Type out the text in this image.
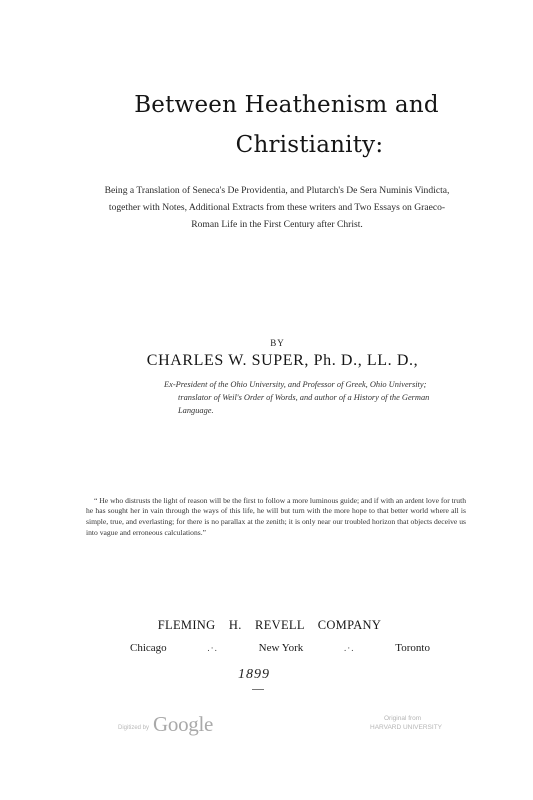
Between Heathenism and
Christianity:

Being a Translation of Seneca's De Providentia, and Plutarch's De Sera Numinis Vindicta, together with Notes, Additional Extracts from these writers and Two Essays on Graeco-Roman Life in the First Century after Christ.

BY
CHARLES W. SUPER, Ph. D., LL. D.,
Ex-President of the Ohio University, and Professor of Greek, Ohio University; translator of Weil's Order of Words, and author of a History of the German Language.

“ He who distrusts the light of reason will be the first to follow a more luminous guide; and if with an ardent love for truth he has sought her in vain through the ways of this life, he will but turn with the more hope to that better world where all is simple, true, and everlasting; for there is no parallax at the zenith; it is only near our troubled horizon that objects deceive us into vague and erroneous calculations.”

FLEMING H. REVELL COMPANY
Chicago	.·.	New York	.·.	Toronto
1899
Digitized by Google	Original from
HARVARD UNIVERSITY
